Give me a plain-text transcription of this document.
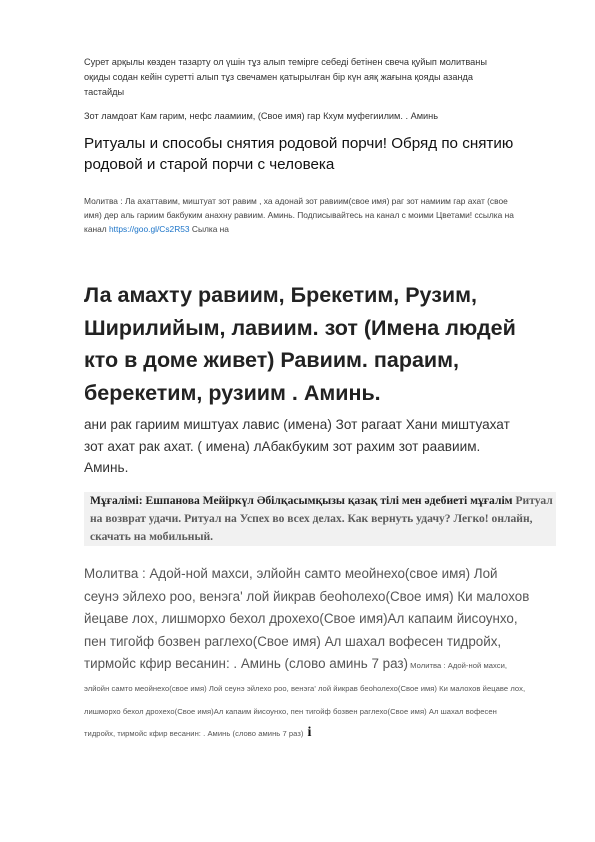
Сурет арқылы көзден тазарту ол үшін тұз алып темірге себеді бетінен свеча қуйып молитваны оқиды содан кейін суретті алып тұз свечамен қатырылған бір күн аяқ жағына қояды азанда тастайды
Зот ламдоат Кам гарим, нефс лаамиим, (Свое имя) гар Кхум муфегиилим. . Аминь
Ритуалы и способы снятия родовой порчи! Обряд по снятию родовой и старой порчи с человека
Молитва : Ла ахаттавим, миштуат зот равим , ха адонай зот равиим(свое имя) раг зот намиим гар ахат (свое имя) дер аль гариим бакбуким анахну равиим. Аминь. Подписывайтесь на канал с моими Цветами! ссылка на канал https://goo.gl/Cs2R53 Сылка на
Ла амахту равиим, Брекетим, Рузим, Ширилийым, лавиим. зот (Имена людей кто в доме живет) Равиим. параим, берекетим, рузиим . Аминь.
ани рак гариим миштуах лавис (имена) Зот рагаат Хани миштуахат зот ахат рак ахат. ( имена) лАбакбуким зот рахим зот раавиим. Аминь.
Мұғалімі: Ешпанова Мейіркүл Әбілқасымқызы қазақ тілі мен әдебиеті мұғалім Ритуал на возврат удачи. Ритуал на Успех во всех делах. Как вернуть удачу? Легко! онлайн, скачать на мобильный.
Молитва : Адой-ной махси, элйойн самто меойнехо(свое имя) Лой сеунэ эйлехо роо, венэга' лой йикрав беоhолехо(Свое имя) Ки малохов йецаве лох, лишморхо бехол дрохехо(Свое имя)Ал капаим йисоунхо, пен тигойф бозвен раглехо(Свое имя) Ал шахал вофесен тидройх, тирмойс кфир весанин: . Аминь (слово аминь 7 раз) Молитва : Адой-ной махси, элйойн самто меойнехо(свое имя) Лой сеунэ эйлехо роо, венэга' лой йикрав беоhолехо(Свое имя) Ки малохов йецаве лох, лишморхо бехол дрохехо(Свое имя)Ал капаим йисоунхо, пен тигойф бозвен раглехо(Свое имя) Ал шахал вофесен тидройх, тирмойс кфир весанин: . Аминь (слово аминь 7 раз) i
